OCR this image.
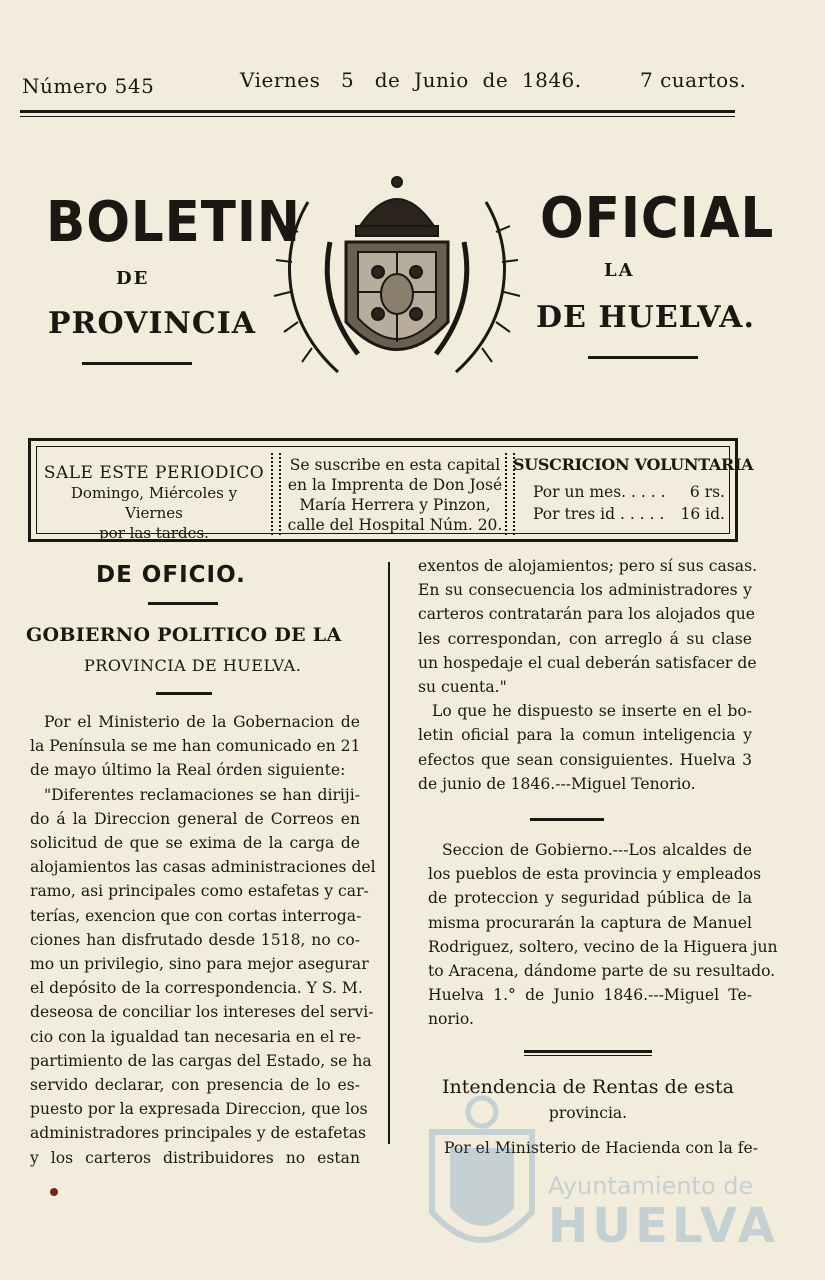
Número 545	Viernes   5   de  Junio  de  1846.	7 cuartos.
BOLETIN	OFICIAL
DE	LA
PROVINCIA	DE HUELVA.
SALE ESTE PERIODICO
Domingo, Miércoles y Viernes
por las tardes.
Se suscribe en esta capital
en la Imprenta de Don José
María Herrera y Pinzon,
calle del Hospital Núm. 20.
SUSCRICION VOLUNTARIA
Por un mes. . . . . 6 rs.
Por tres id . . . . . 16 id.
DE OFICIO.
GOBIERNO POLITICO DE LA
PROVINCIA DE HUELVA.
Por el Ministerio de la Gobernacion de
la Península se me han comunicado en 21
de mayo último la Real órden siguiente:
"Diferentes reclamaciones se han diriji-
do á la Direccion general de Correos en
solicitud de que se exima de la carga de
alojamientos las casas administraciones del
ramo, asi principales como estafetas y car-
terías, exencion que con cortas interroga-
ciones han disfrutado desde 1518, no co-
mo un privilegio, sino para mejor asegurar
el depósito de la correspondencia. Y S. M.
deseosa de conciliar los intereses del servi-
cio con la igualdad tan necesaria en el re-
partimiento de las cargas del Estado, se ha
servido declarar, con presencia de lo es-
puesto por la expresada Direccion, que los
administradores principales y de estafetas
y los carteros distribuidores no estan
exentos de alojamientos; pero sí sus casas.
En su consecuencia los administradores y
carteros contratarán para los alojados que
les correspondan, con arreglo á su clase
un hospedaje el cual deberán satisfacer de
su cuenta."
Lo que he dispuesto se inserte en el bo-
letin oficial para la comun inteligencia y
efectos que sean consiguientes. Huelva 3
de junio de 1846.---Miguel Tenorio.
Seccion de Gobierno.---Los alcaldes de
los pueblos de esta provincia y empleados
de proteccion y seguridad pública de la
misma procurarán la captura de Manuel
Rodriguez, soltero, vecino de la Higuera jun
to Aracena, dándome parte de su resultado.
Huelva 1.° de Junio 1846.---Miguel Te-
norio.
Intendencia de Rentas de esta
provincia.
Por el Ministerio de Hacienda con la fe-
Ayuntamiento de
HUELVA
